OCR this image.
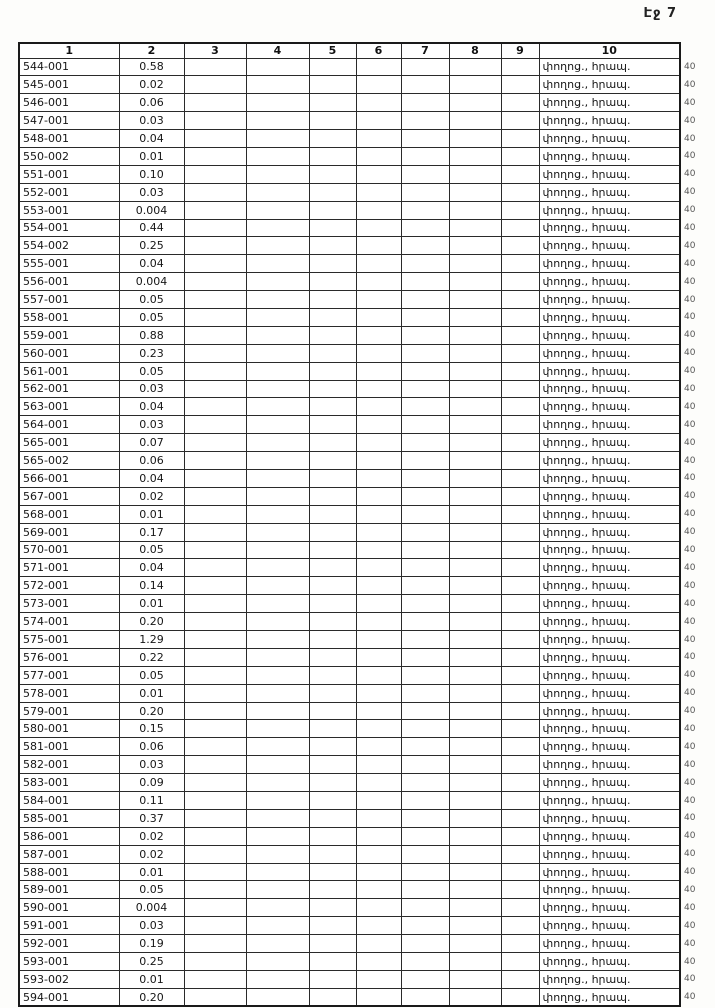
Էջ 7
1	2	3	4	5	6	7	8	9	10
544-001	0.58								փողոց., հրապ.
545-001	0.02								փողոց., հրապ.
546-001	0.06								փողոց., հրապ.
547-001	0.03								փողոց., հրապ.
548-001	0.04								փողոց., հրապ.
550-002	0.01								փողոց., հրապ.
551-001	0.10								փողոց., հրապ.
552-001	0.03								փողոց., հրապ.
553-001	0.004								փողոց., հրապ.
554-001	0.44								փողոց., հրապ.
554-002	0.25								փողոց., հրապ.
555-001	0.04								փողոց., հրապ.
556-001	0.004								փողոց., հրապ.
557-001	0.05								փողոց., հրապ.
558-001	0.05								փողոց., հրապ.
559-001	0.88								փողոց., հրապ.
560-001	0.23								փողոց., հրապ.
561-001	0.05								փողոց., հրապ.
562-001	0.03								փողոց., հրապ.
563-001	0.04								փողոց., հրապ.
564-001	0.03								փողոց., հրապ.
565-001	0.07								փողոց., հրապ.
565-002	0.06								փողոց., հրապ.
566-001	0.04								փողոց., հրապ.
567-001	0.02								փողոց., հրապ.
568-001	0.01								փողոց., հրապ.
569-001	0.17								փողոց., հրապ.
570-001	0.05								փողոց., հրապ.
571-001	0.04								փողոց., հրապ.
572-001	0.14								փողոց., հրապ.
573-001	0.01								փողոց., հրապ.
574-001	0.20								փողոց., հրապ.
575-001	1.29								փողոց., հրապ.
576-001	0.22								փողոց., հրապ.
577-001	0.05								փողոց., հրապ.
578-001	0.01								փողոց., հրապ.
579-001	0.20								փողոց., հրապ.
580-001	0.15								փողոց., հրապ.
581-001	0.06								փողոց., հրապ.
582-001	0.03								փողոց., հրապ.
583-001	0.09								փողոց., հրապ.
584-001	0.11								փողոց., հրապ.
585-001	0.37								փողոց., հրապ.
586-001	0.02								փողոց., հրապ.
587-001	0.02								փողոց., հրապ.
588-001	0.01								փողոց., հրապ.
589-001	0.05								փողոց., հրապ.
590-001	0.004								փողոց., հրապ.
591-001	0.03								փողոց., հրապ.
592-001	0.19								փողոց., հրապ.
593-001	0.25								փողոց., հրապ.
593-002	0.01								փողոց., հրապ.
594-001	0.20								փողոց., հրապ.
40
40
40
40
40
40
40
40
40
40
40
40
40
40
40
40
40
40
40
40
40
40
40
40
40
40
40
40
40
40
40
40
40
40
40
40
40
40
40
40
40
40
40
40
40
40
40
40
40
40
40
40
40
